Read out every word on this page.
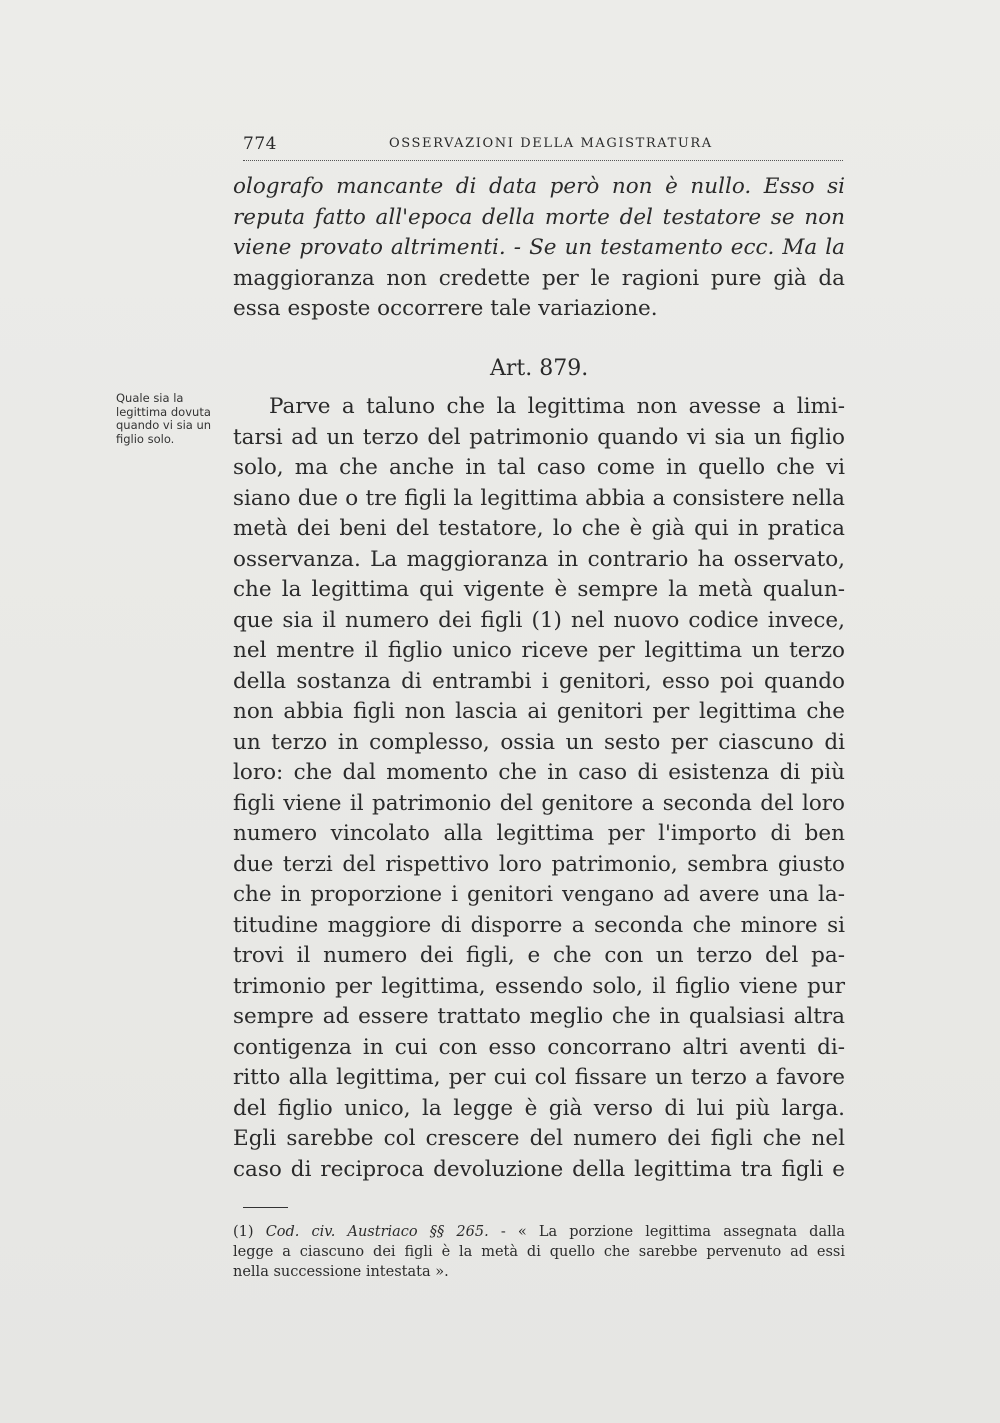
774	OSSERVAZIONI DELLA MAGISTRATURA
olografo mancante di data però non è nullo. Esso si
reputa fatto all'epoca della morte del testatore se non
viene provato altrimenti. - Se un testamento ecc. Ma la
maggioranza non credette per le ragioni pure già da
essa esposte occorrere tale variazione.
Art. 879.
Quale sia la legittima dovuta quando vi sia un figlio solo.
Parve a taluno che la legittima non avesse a limi-
tarsi ad un terzo del patrimonio quando vi sia un figlio
solo, ma che anche in tal caso come in quello che vi
siano due o tre figli la legittima abbia a consistere nella
metà dei beni del testatore, lo che è già qui in pratica
osservanza. La maggioranza in contrario ha osservato,
che la legittima qui vigente è sempre la metà qualun-
que sia il numero dei figli (1) nel nuovo codice invece,
nel mentre il figlio unico riceve per legittima un terzo
della sostanza di entrambi i genitori, esso poi quando
non abbia figli non lascia ai genitori per legittima che
un terzo in complesso, ossia un sesto per ciascuno di
loro: che dal momento che in caso di esistenza di più
figli viene il patrimonio del genitore a seconda del loro
numero vincolato alla legittima per l'importo di ben
due terzi del rispettivo loro patrimonio, sembra giusto
che in proporzione i genitori vengano ad avere una la-
titudine maggiore di disporre a seconda che minore si
trovi il numero dei figli, e che con un terzo del pa-
trimonio per legittima, essendo solo, il figlio viene pur
sempre ad essere trattato meglio che in qualsiasi altra
contigenza in cui con esso concorrano altri aventi di-
ritto alla legittima, per cui col fissare un terzo a favore
del figlio unico, la legge è già verso di lui più larga.
Egli sarebbe col crescere del numero dei figli che nel
caso di reciproca devoluzione della legittima tra figli e
(1) Cod. civ. Austriaco §§ 265. - « La porzione legittima assegnata dalla
legge a ciascuno dei figli è la metà di quello che sarebbe pervenuto ad essi
nella successione intestata ».
